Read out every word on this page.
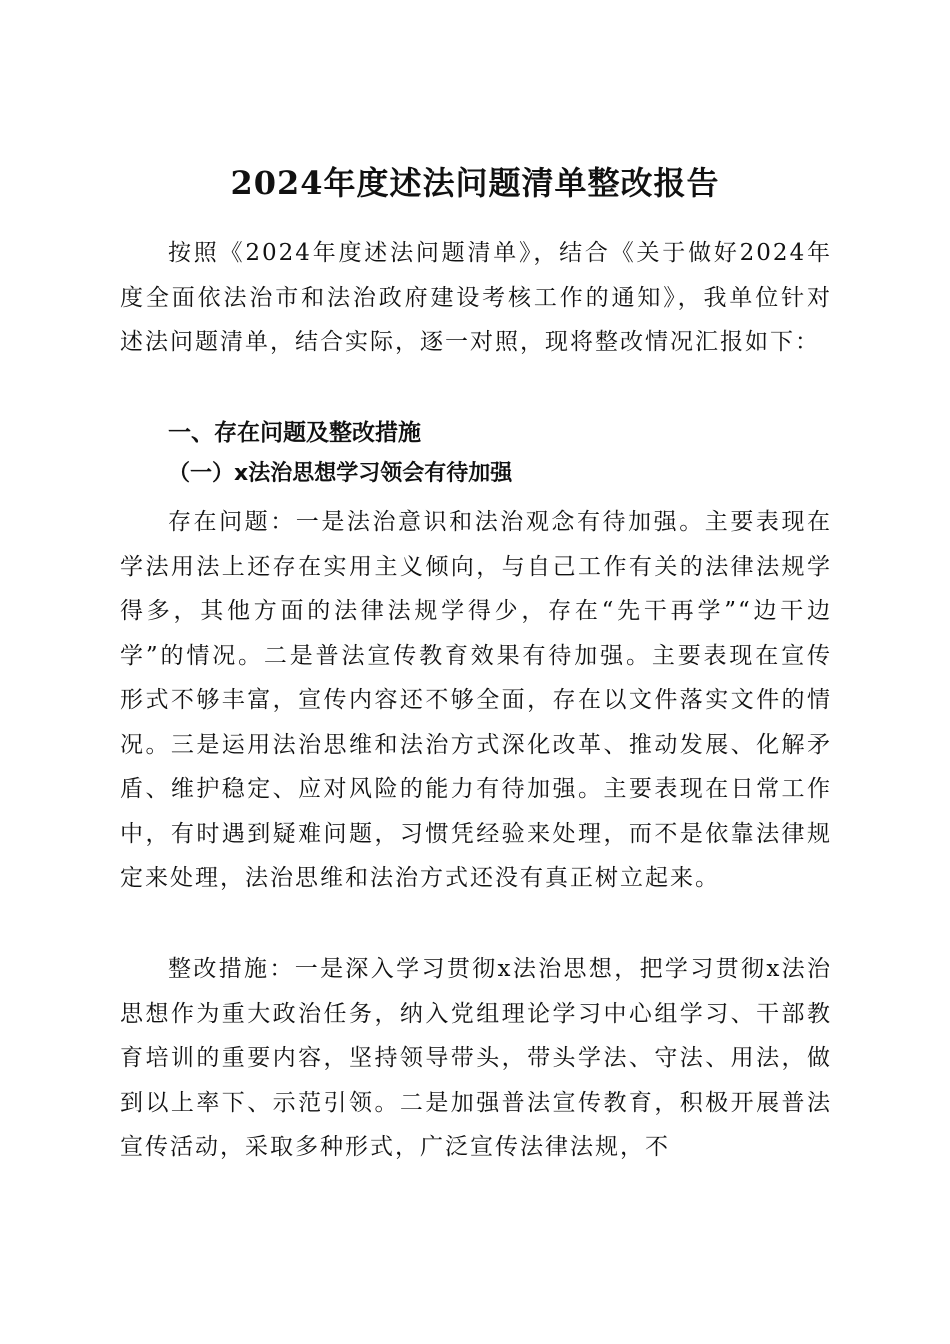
2024年度述法问题清单整改报告

按照《2024年度述法问题清单》，结合《关于做好2024年度全面依法治市和法治政府建设考核工作的通知》，我单位针对述法问题清单，结合实际，逐一对照，现将整改情况汇报如下：

一、存在问题及整改措施
（一）x法治思想学习领会有待加强

存在问题：一是法治意识和法治观念有待加强。主要表现在学法用法上还存在实用主义倾向，与自己工作有关的法律法规学得多，其他方面的法律法规学得少，存在“先干再学”“边干边学”的情况。二是普法宣传教育效果有待加强。主要表现在宣传形式不够丰富，宣传内容还不够全面，存在以文件落实文件的情况。三是运用法治思维和法治方式深化改革、推动发展、化解矛盾、维护稳定、应对风险的能力有待加强。主要表现在日常工作中，有时遇到疑难问题，习惯凭经验来处理，而不是依靠法律规定来处理，法治思维和法治方式还没有真正树立起来。

整改措施：一是深入学习贯彻x法治思想，把学习贯彻x法治思想作为重大政治任务，纳入党组理论学习中心组学习、干部教育培训的重要内容，坚持领导带头，带头学法、守法、用法，做到以上率下、示范引领。二是加强普法宣传教育，积极开展普法宣传活动，采取多种形式，广泛宣传法律法规，不
